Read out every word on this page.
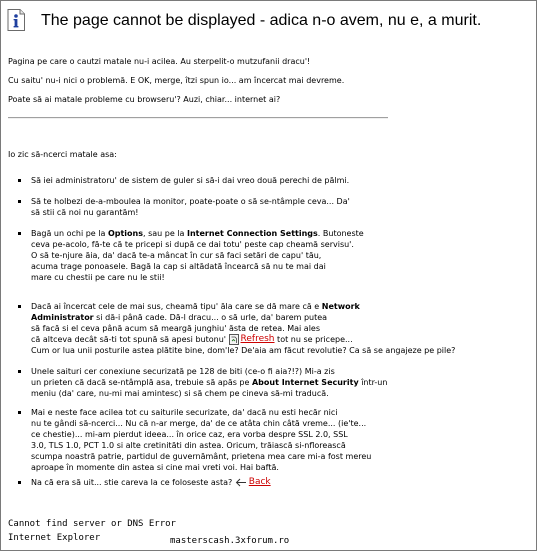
The page cannot be displayed - adica n-o avem, nu e, a murit.

Pagina pe care o cautzi matale nu-i acilea. Au sterpelit-o mutzufanii dracu'!

Cu saitu' nu-i nici o problemă. E OK, merge, îtzi spun io... am încercat mai devreme.

Poate să ai matale probleme cu browseru'? Auzi, chiar... internet ai?

Io zic să-ncerci matale asa:
Să iei administratoru' de sistem de guler si să-i dai vreo două perechi de pălmi.
Să te holbezi de-a-mboulea la monitor, poate-poate o să se-ntâmple ceva... Da'
să stii că noi nu garantăm!
Bagă un ochi pe la Options, sau pe la Internet Connection Settings. Butoneste
ceva pe-acolo, fă-te că te pricepi si după ce dai totu' peste cap cheamă servisu'.
O să te-njure ăia, da' dacă te-a mâncat în cur să faci setări de capu' tău,
acuma trage ponoasele. Bagă la cap si altădată încearcă să nu te mai dai
mare cu chestii pe care nu le stii!
Dacă ai încercat cele de mai sus, cheamă tipu' ăla care se dă mare că e Network
Administrator si dă-i până cade. Dă-l dracu... o să urle, da' barem putea
să facă si el ceva până acum să meargă junghiu' ăsta de retea. Mai ales
că altceva decât să-ti tot spună să apesi butonu' Refresh tot nu se pricepe...
Cum or lua unii posturile astea plătite bine, dom'le? De'aia am făcut revolutie? Ca să se angajeze pe pile?
Unele saituri cer conexiune securizată pe 128 de biti (ce-o fi aia?!?) Mi-a zis
un prieten că dacă se-ntâmplă asa, trebuie să apăs pe About Internet Security într-un
meniu (da' care, nu-mi mai amintesc) si să chem pe cineva să-mi traducă.
Mai e neste face acilea tot cu saiturile securizate, da' dacă nu esti hecăr nici
nu te gândi să-ncerci... Nu că n-ar merge, da' de ce atâta chin câtă vreme... (ie'te...
ce chestie)... mi-am pierdut ideea... în orice caz, era vorba despre SSL 2.0, SSL
3.0, TLS 1.0, PCT 1.0 si alte cretinităti din astea. Oricum, trăiască si-nfloreascā
scumpa noastră patrie, partidul de guvernământ, prietena mea care mi-a fost mereu
aproape în momente din astea si cine mai vreti voi. Hai baftă.
Na că era să uit... stie careva la ce foloseste asta? Back
Cannot find server or DNS Error
Internet Explorer	masterscash.3xforum.ro
